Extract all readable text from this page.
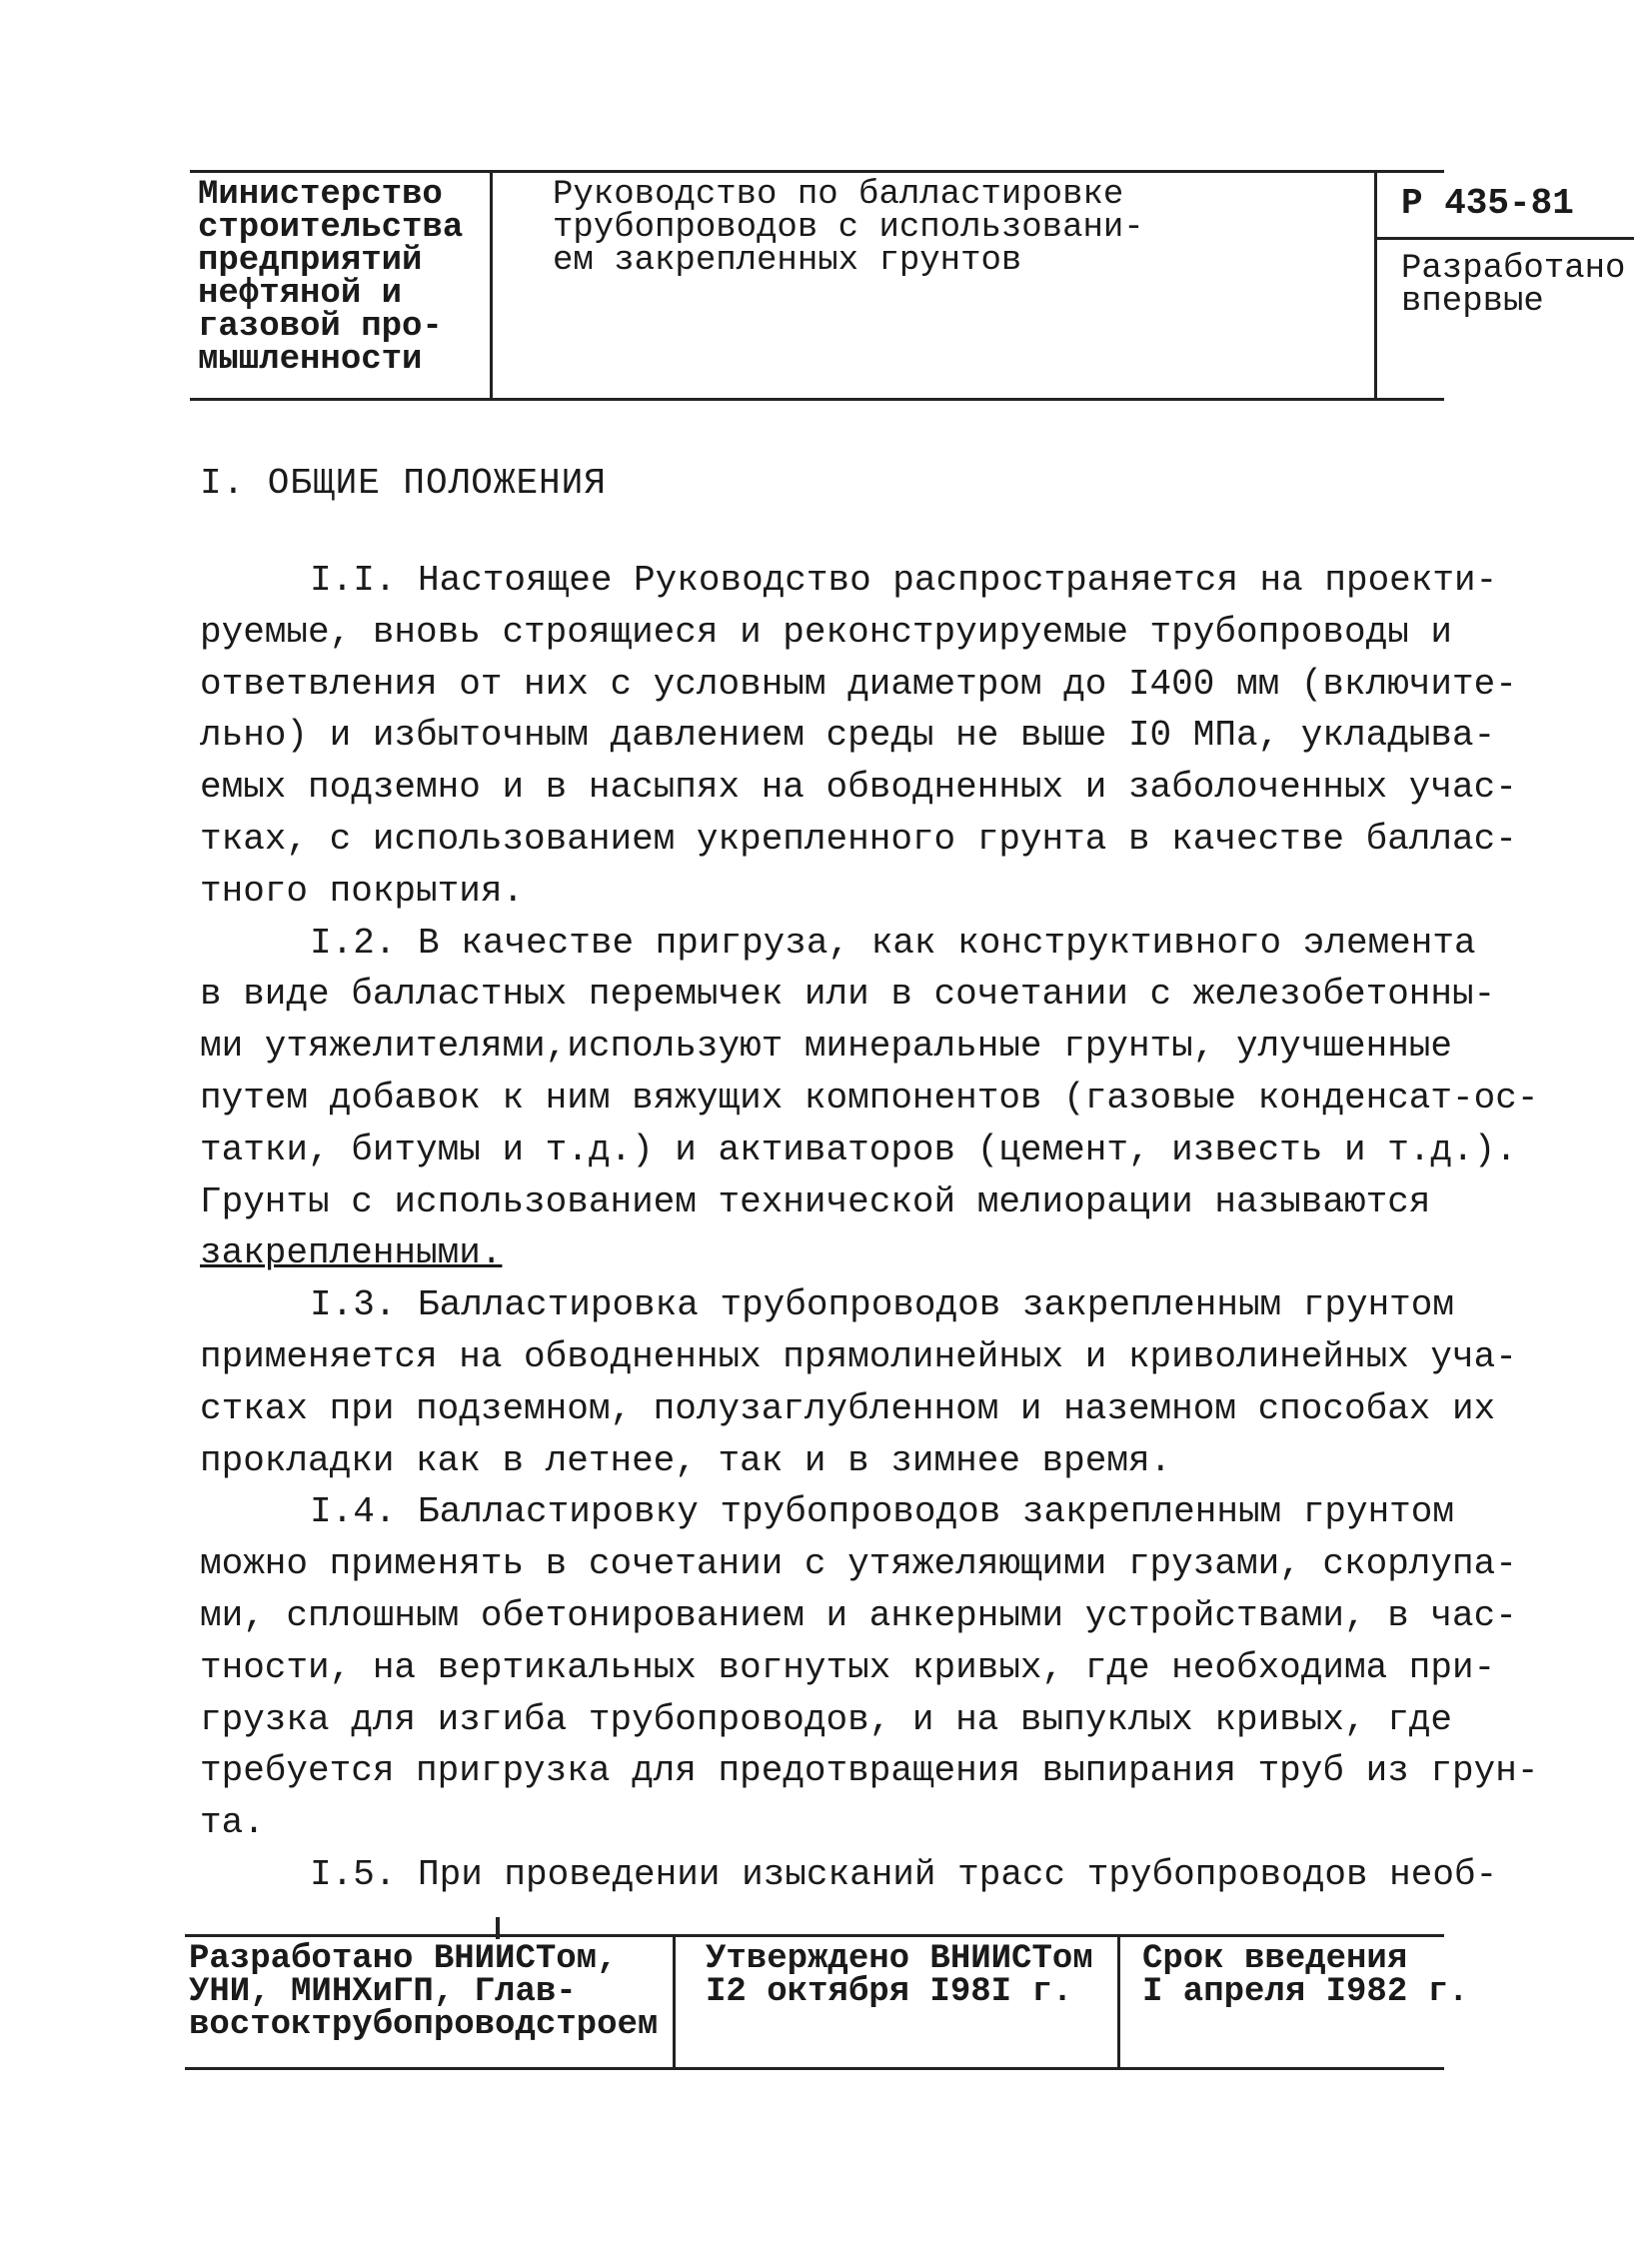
Министерство

строительства

предприятий

нефтяной и

газовой про-

мышленности

Руководство по балластировке

трубопроводов с использовани-

ем закрепленных грунтов

Р 435-81

Разработано

впервые

I. ОБЩИЕ ПОЛОЖЕНИЯ

I.I. Настоящее Руководство распространяется на проекти-

руемые, вновь строящиеся и реконструируемые трубопроводы и

ответвления от них с условным диаметром до I400 мм (включите-

льно) и избыточным давлением среды не выше I0 МПа, укладыва-

емых подземно и в насыпях на обводненных и заболоченных учас-

тках, с использованием укрепленного грунта в качестве баллас-

тного покрытия.

I.2. В качестве пригруза, как конструктивного элемента

в виде балластных перемычек или в сочетании с железобетонны-

ми утяжелителями,используют минеральные грунты, улучшенные

путем добавок к ним вяжущих компонентов (газовые конденсат-ос-

татки, битумы и т.д.) и активаторов (цемент, известь и т.д.).

Грунты с использованием технической мелиорации называются

закрепленными.

I.3. Балластировка трубопроводов закрепленным грунтом

применяется на обводненных прямолинейных и криволинейных уча-

стках при подземном, полузаглубленном и наземном способах их

прокладки как в летнее, так и в зимнее время.

I.4. Балластировку трубопроводов закрепленным грунтом

можно применять в сочетании с утяжеляющими грузами, скорлупа-

ми, сплошным обетонированием и анкерными устройствами, в час-

тности, на вертикальных вогнутых кривых, где необходима при-

грузка для изгиба трубопроводов, и на выпуклых кривых, где

требуется пригрузка для предотвращения выпирания труб из грун-

та.

I.5. При проведении изысканий трасс трубопроводов необ-

Разработано ВНИИСТом,

УНИ, МИНХиГП, Глав-

востоктрубопроводстроем

Утверждено ВНИИСТом

I2 октября I98I г.

Срок введения

I апреля I982 г.
